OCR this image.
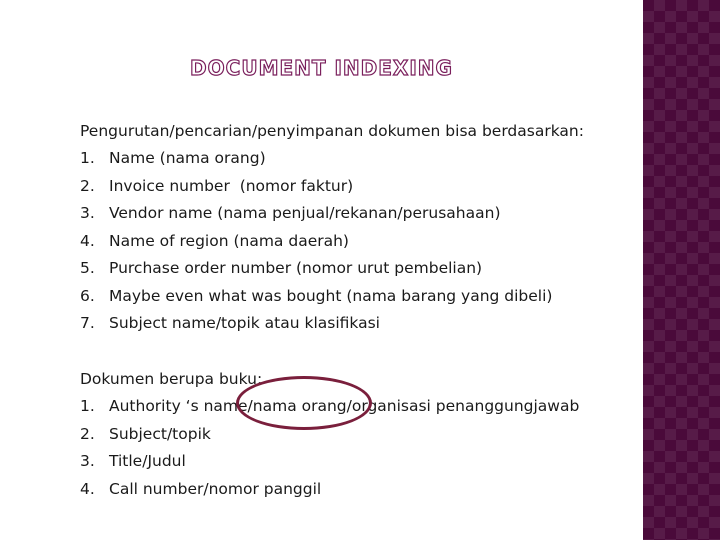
DOCUMENT INDEXING
Pengurutan/pencarian/penyimpanan dokumen bisa berdasarkan:
1. Name (nama orang)
2. Invoice number  (nomor faktur)
3. Vendor name (nama penjual/rekanan/perusahaan)
4. Name of region (nama daerah)
5. Purchase order number (nomor urut pembelian)
6. Maybe even what was bought (nama barang yang dibeli)
7. Subject name/topik atau klasifikasi
Dokumen berupa buku:
1. Authority ‘s name/nama orang/organisasi penanggungjawab
2. Subject/topik
3. Title/Judul
4. Call number/nomor panggil
